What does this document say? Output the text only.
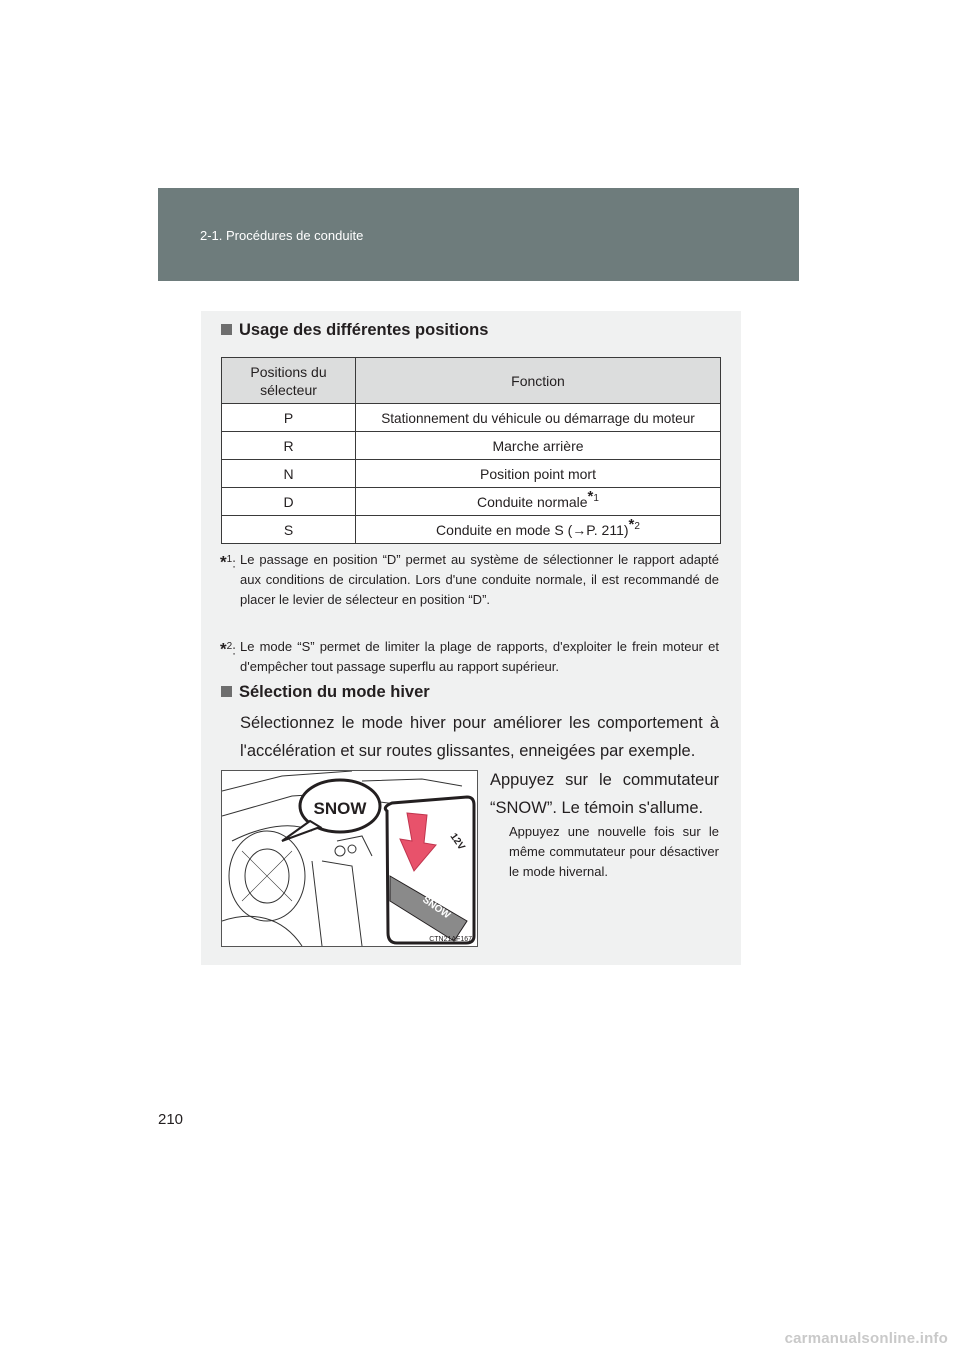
2-1. Procédures de conduite
Usage des différentes positions
Positions du sélecteur	Fonction
P	Stationnement du véhicule ou démarrage du moteur
R	Marche arrière
N	Position point mort
D	Conduite normale$^{*1}$
S	Conduite en mode S (→P. 211)$^{*2}$
*$^1$: Le passage en position “D” permet au système de sélectionner le rapport adapté aux conditions de circulation. Lors d'une conduite normale, il est recommandé de placer le levier de sélecteur en position “D”.
*$^2$: Le mode “S” permet de limiter la plage de rapports, d'exploiter le frein moteur et d'empêcher tout passage superflu au rapport supérieur.
Sélection du mode hiver
Sélectionnez le mode hiver pour améliorer les comportement à l'accélération et sur routes glissantes, enneigées par exemple.
Appuyez sur le commutateur “SNOW”. Le témoin s'allume.
Appuyez une nouvelle fois sur le même commutateur pour désactiver le mode hivernal.
SNOW
SNOW
12V
CTN21AF167
210
carmanualsonline.info
